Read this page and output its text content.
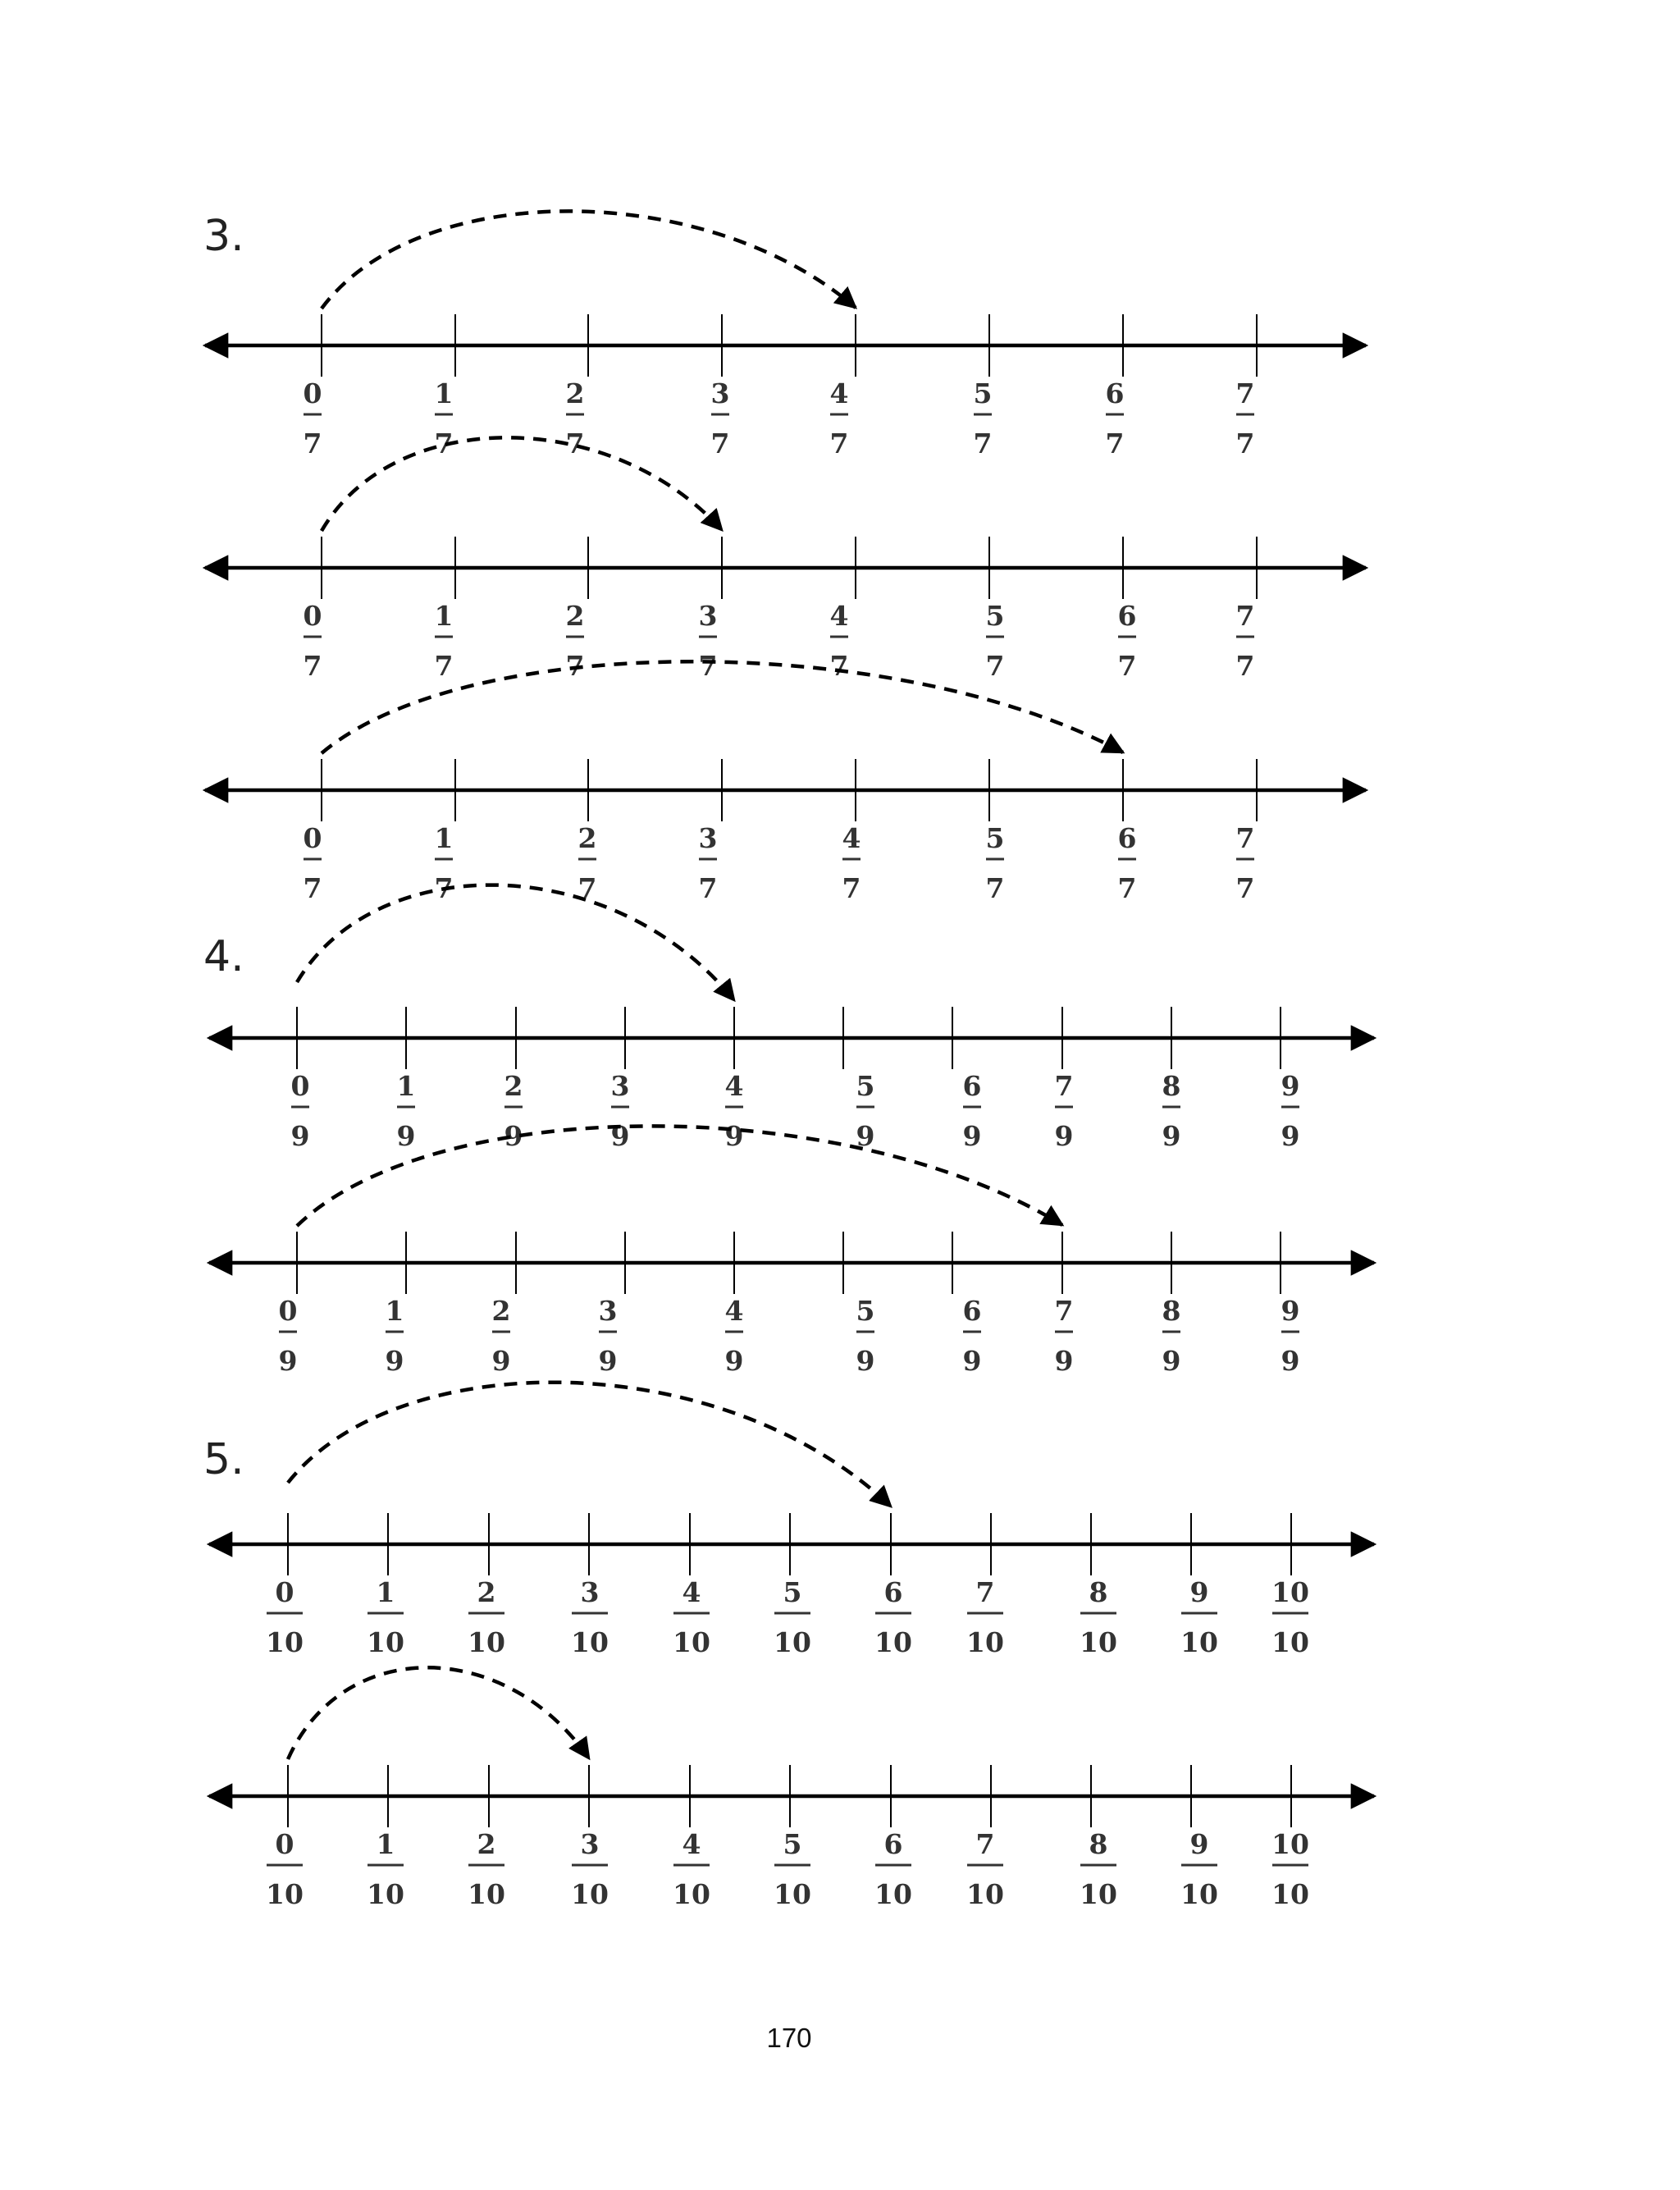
3.
0
7
1
7
2
7
3
7
4
7
5
7
6
7
7
7
0
7
1
7
2
7
3
7
4
7
5
7
6
7
7
7
0
7
1
7
2
7
3
7
4
7
5
7
6
7
7
7
4.
0
9
1
9
2
9
3
9
4
9
5
9
6
9
7
9
8
9
9
9
0
9
1
9
2
9
3
9
4
9
5
9
6
9
7
9
8
9
9
9
5.
0
10
1
10
2
10
3
10
4
10
5
10
6
10
7
10
8
10
9
10
10
10
0
10
1
10
2
10
3
10
4
10
5
10
6
10
7
10
8
10
9
10
10
10
170
